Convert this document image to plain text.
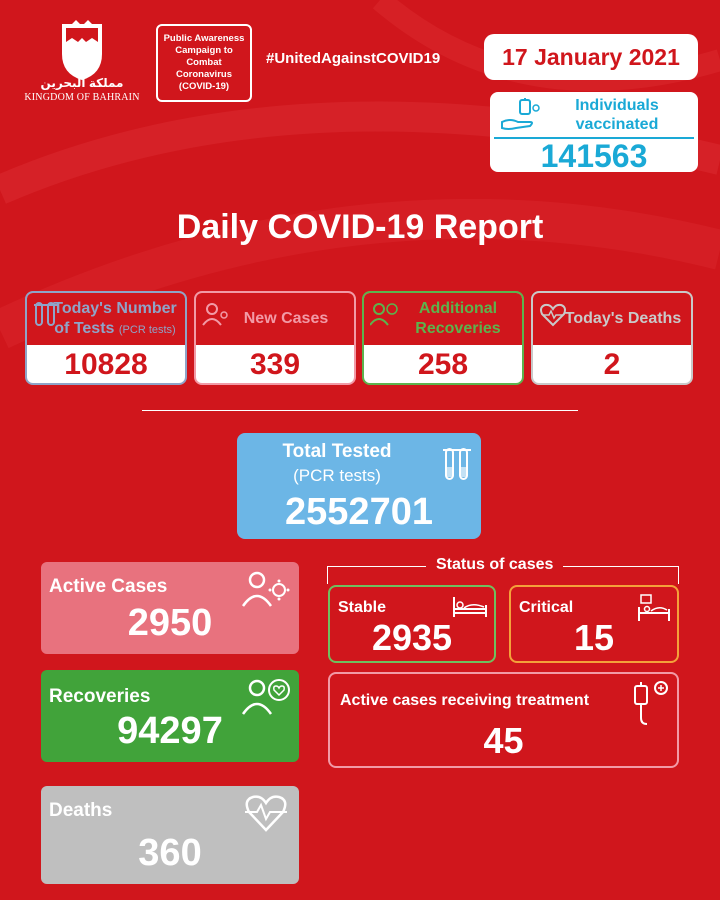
مملكة البحرين
KINGDOM OF BAHRAIN
Public Awareness Campaign to Combat Coronavirus (COVID-19)
#UnitedAgainstCOVID19	17 January 2021
Individuals vaccinated
141563
Daily COVID-19 Report
Today's Number of Tests (PCR tests)
10828
New Cases
339
Additional Recoveries
258
Today's Deaths
2
Total Tested
(PCR tests)
2552701
Active Cases
2950
Recoveries
94297
Deaths
360
Status of cases
Stable
2935
Critical
15
Active cases receiving treatment
45
